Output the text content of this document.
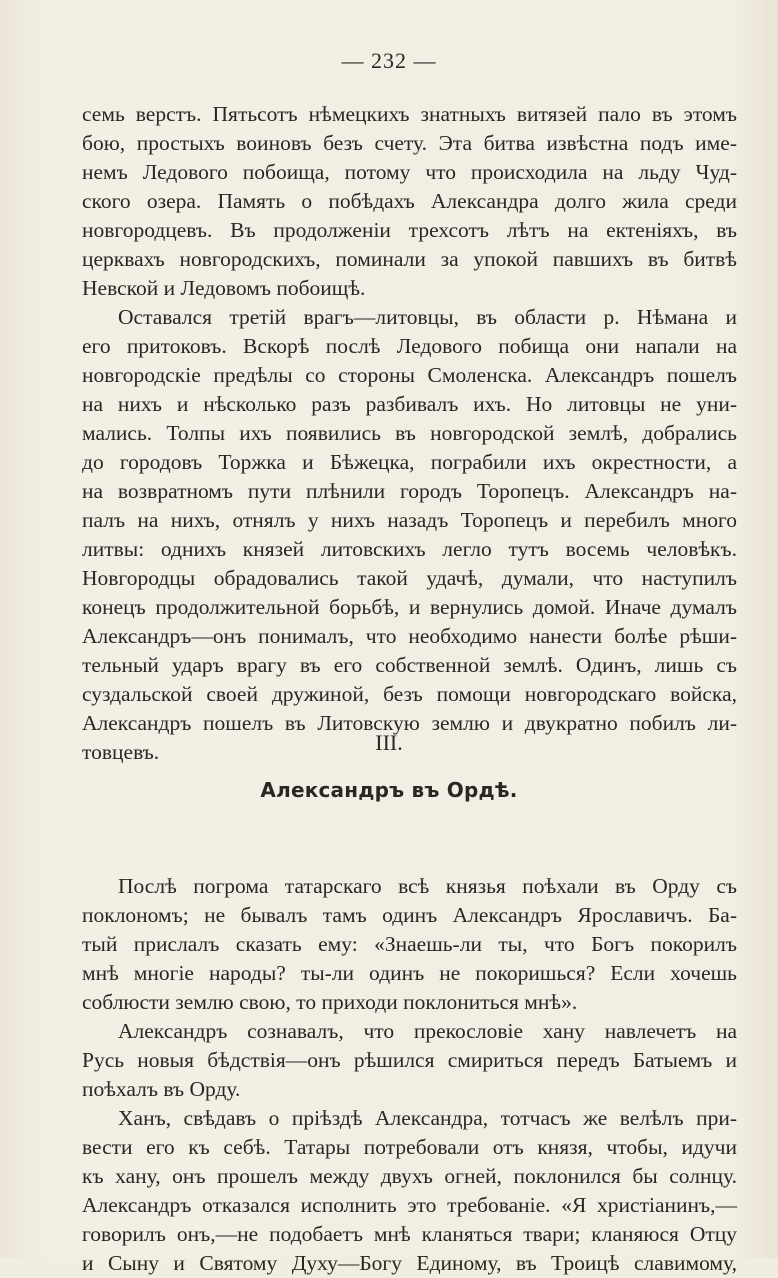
— 232 —
семь верстъ. Пятьсотъ нѣмецкихъ знатныхъ витязей пало въ этомъ
бою, простыхъ воиновъ безъ счету. Эта битва извѣстна подъ име-
немъ Ледового побоища, потому что происходила на льду Чуд-
ского озера. Память о побѣдахъ Александра долго жила среди
новгородцевъ. Въ продолженіи трехсотъ лѣтъ на ектеніяхъ, въ
церквахъ новгородскихъ, поминали за упокой павшихъ въ битвѣ
Невской и Ледовомъ побоищѣ.
Оставался третій врагъ—литовцы, въ области р. Нѣмана и
его притоковъ. Вскорѣ послѣ Ледового побища они напали на
новгородскіе предѣлы со стороны Смоленска. Александръ пошелъ
на нихъ и нѣсколько разъ разбивалъ ихъ. Но литовцы не уни-
мались. Толпы ихъ появились въ новгородской землѣ, добрались
до городовъ Торжка и Бѣжецка, пограбили ихъ окрестности, а
на возвратномъ пути плѣнили городъ Торопецъ. Александръ на-
палъ на нихъ, отнялъ у нихъ назадъ Торопецъ и перебилъ много
литвы: однихъ князей литовскихъ легло тутъ восемь человѣкъ.
Новгородцы обрадовались такой удачѣ, думали, что наступилъ
конецъ продолжительной борьбѣ, и вернулись домой. Иначе думалъ
Александръ—онъ понималъ, что необходимо нанести болѣе рѣши-
тельный ударъ врагу въ его собственной землѣ. Одинъ, лишь съ
суздальской своей дружиной, безъ помощи новгородскаго войска,
Александръ пошелъ въ Литовскую землю и двукратно побилъ ли-
товцевъ.	III.
Александръ въ Ордѣ.
Послѣ погрома татарскаго всѣ князья поѣхали въ Орду съ
поклономъ; не бывалъ тамъ одинъ Александръ Ярославичъ. Ба-
тый прислалъ сказать ему: «Знаешь-ли ты, что Богъ покорилъ
мнѣ многіе народы? ты-ли одинъ не покоришься? Если хочешь
соблюсти землю свою, то приходи поклониться мнѣ».
Александръ сознавалъ, что прекословіе хану навлечетъ на
Русь новыя бѣдствія—онъ рѣшился смириться передъ Батыемъ и
поѣхалъ въ Орду.
Ханъ, свѣдавъ о пріѣздѣ Александра, тотчасъ же велѣлъ при-
вести его къ себѣ. Татары потребовали отъ князя, чтобы, идучи
къ хану, онъ прошелъ между двухъ огней, поклонился бы солнцу.
Александръ отказался исполнить это требованіе. «Я христіанинъ,—
говорилъ онъ,—не подобаетъ мнѣ кланяться твари; кланяюся Отцу
и Сыну и Святому Духу—Богу Единому, въ Троицѣ славимому,
